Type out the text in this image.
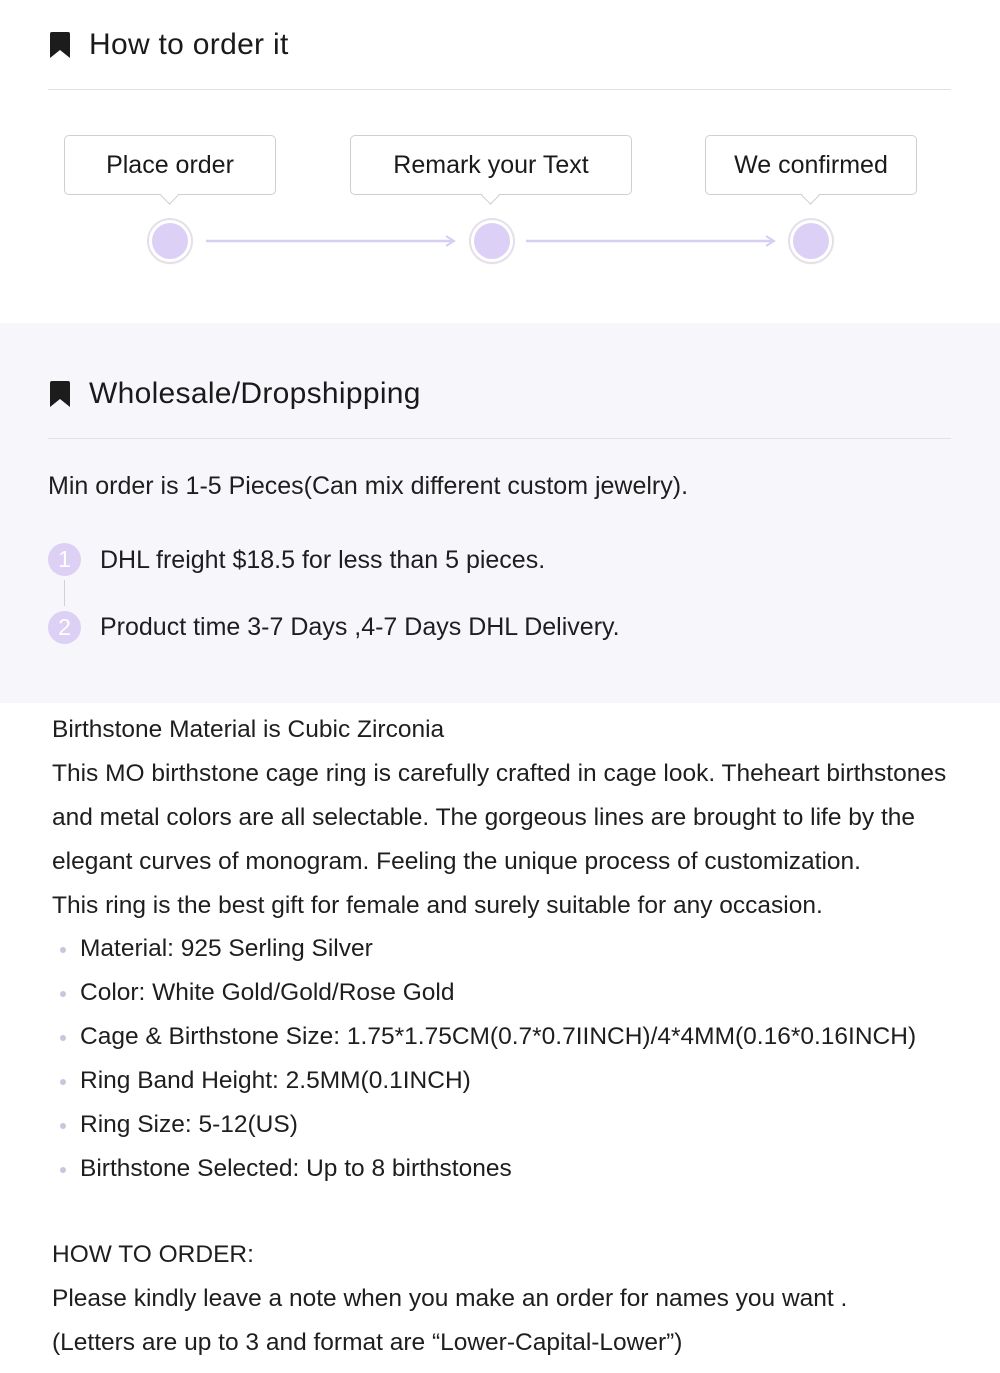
How to order it
Place order	Remark your Text	We confirmed
Wholesale/Dropshipping
Min order is 1-5 Pieces(Can mix different custom jewelry).
1
2
DHL freight $18.5 for less than 5 pieces.
Product time 3-7 Days ,4-7 Days DHL Delivery.
Birthstone Material is Cubic Zirconia
This MO birthstone cage ring is carefully crafted in cage look. Theheart birthstones
and metal colors are all selectable. The gorgeous lines are brought to life by the
elegant curves of monogram. Feeling the unique process of customization.
This ring is the best gift for female and surely suitable for any occasion.
Material: 925 Serling Silver
Color: White Gold/Gold/Rose Gold
Cage & Birthstone Size: 1.75*1.75CM(0.7*0.7IINCH)/4*4MM(0.16*0.16INCH)
Ring Band Height: 2.5MM(0.1INCH)
Ring Size: 5-12(US)
Birthstone Selected: Up to 8 birthstones
HOW TO ORDER:
Please kindly leave a note when you make an order for names you want .
(Letters are up to 3 and format are “Lower-Capital-Lower”)
